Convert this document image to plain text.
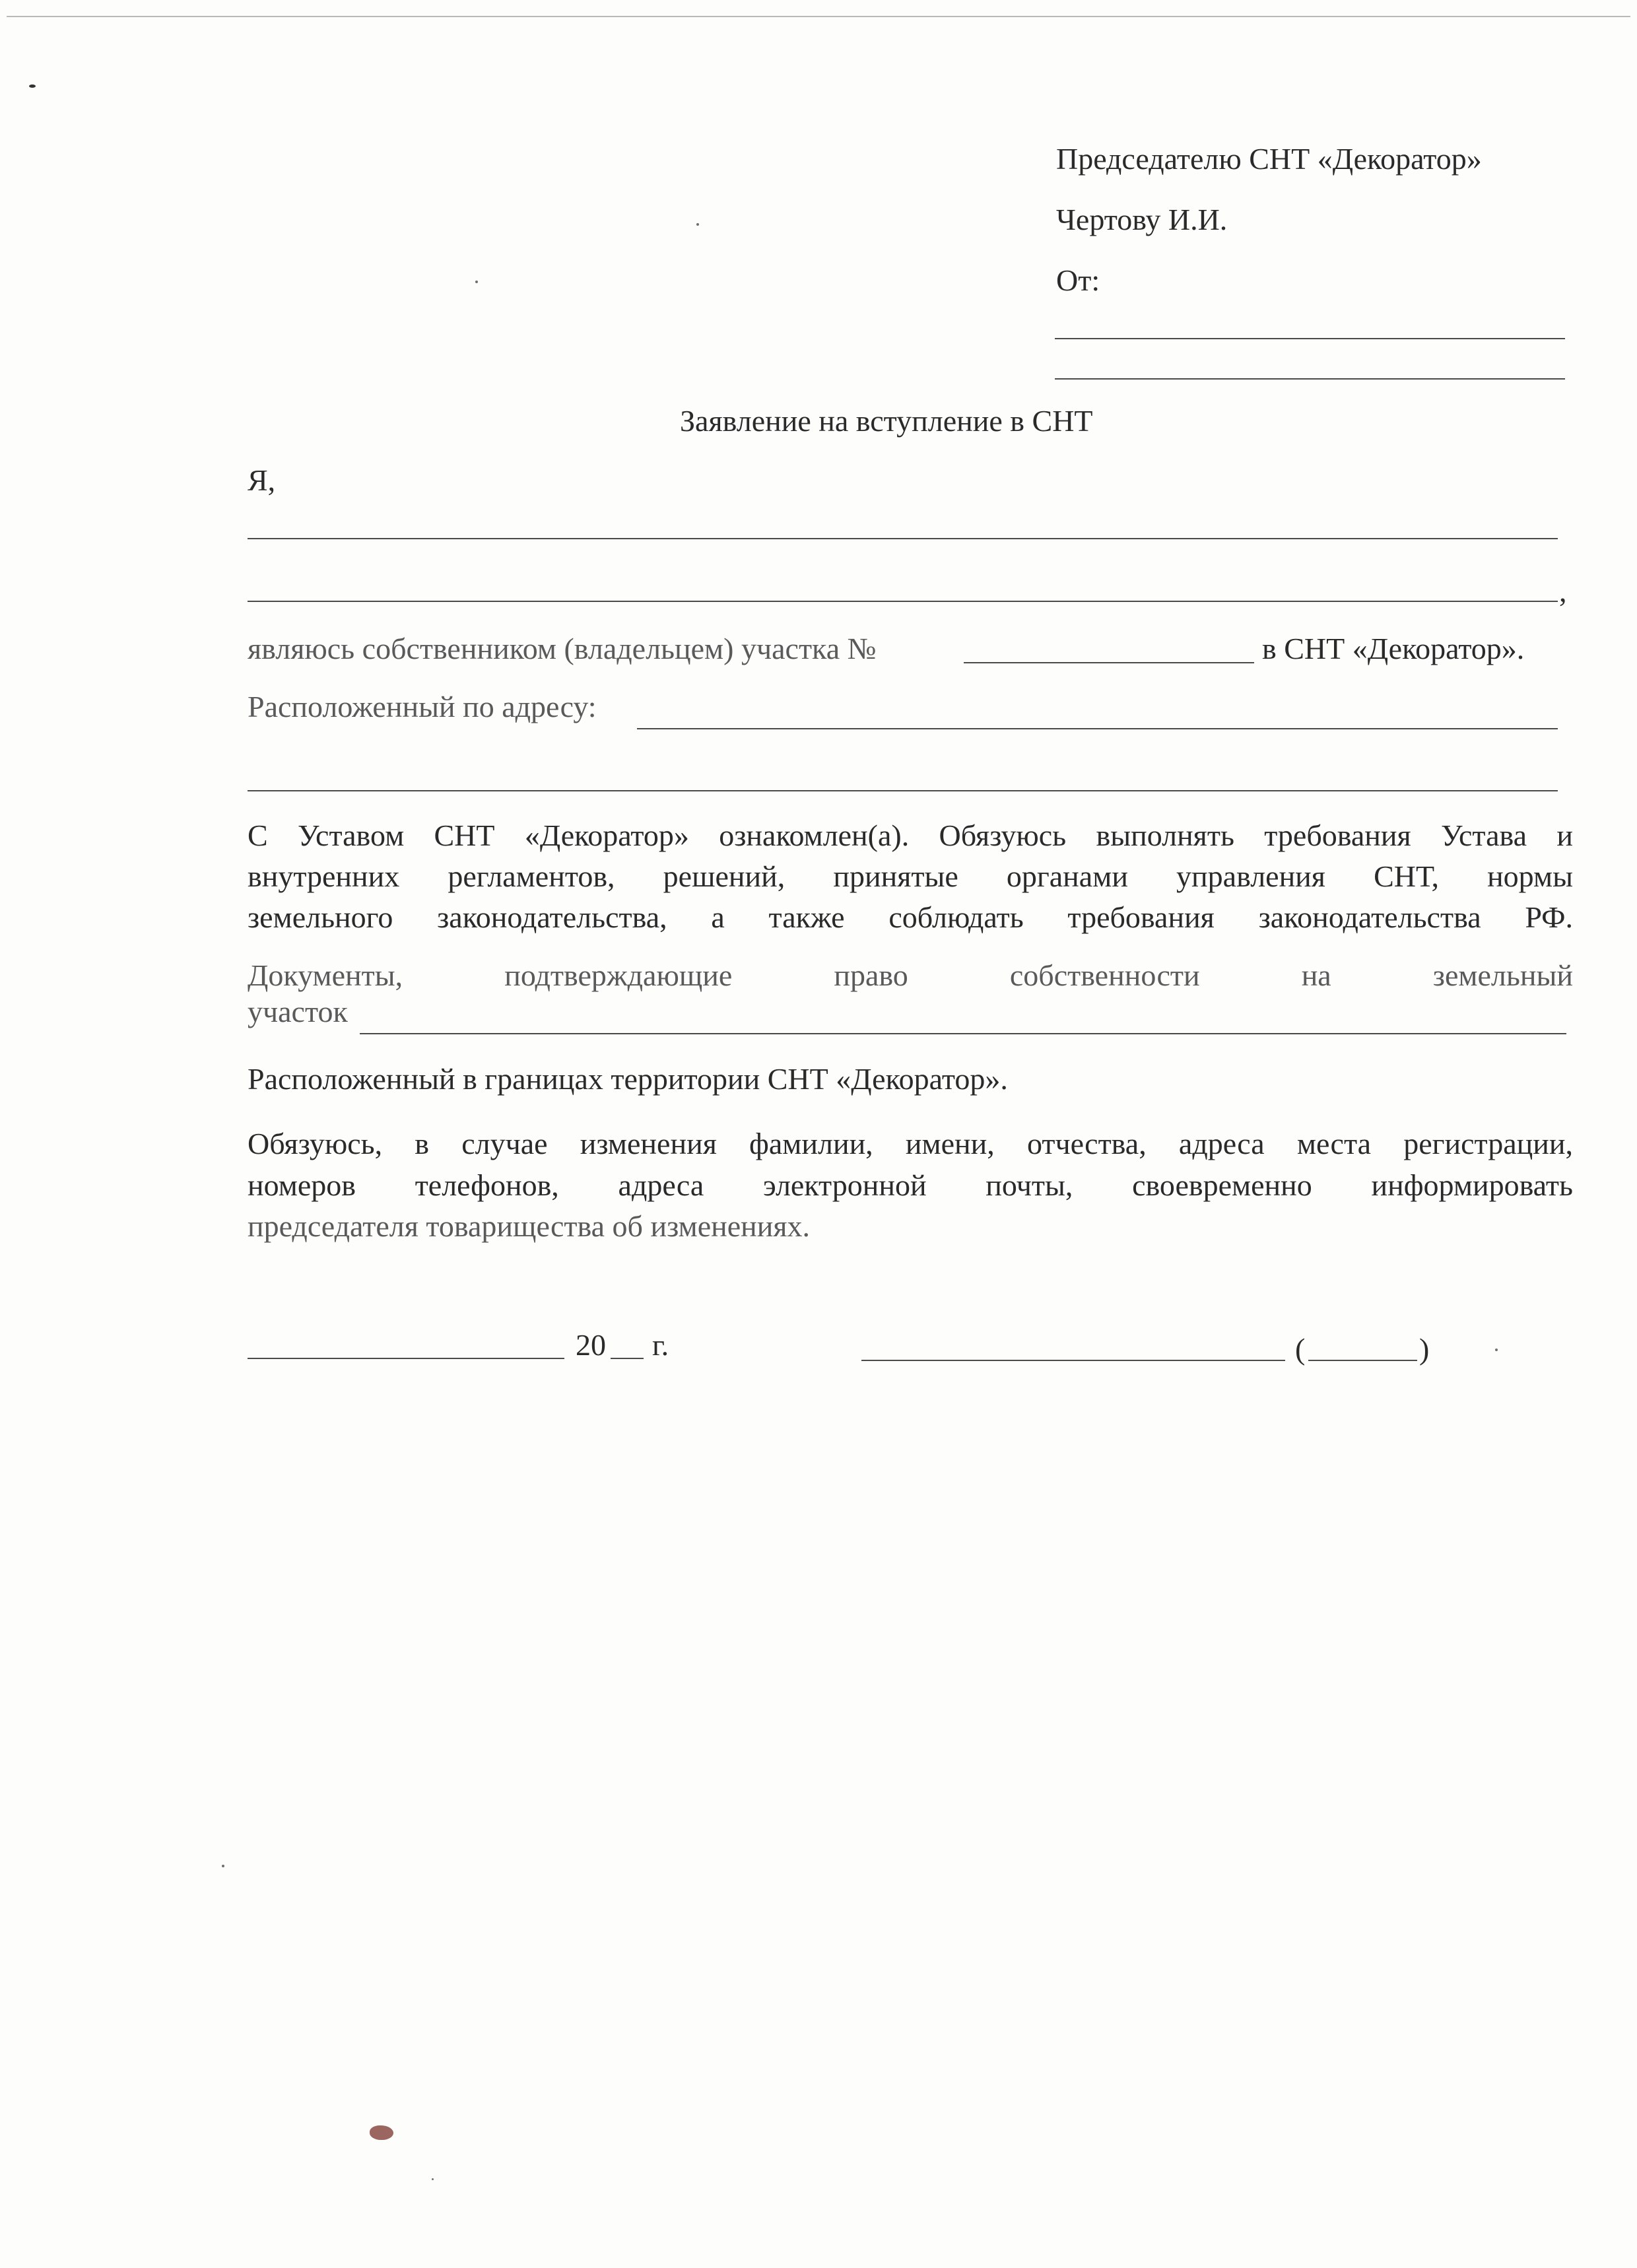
Председателю СНТ «Декоратор»
Чертову И.И.
От:
Заявление на вступление в СНТ
Я,
,
являюсь собственником (владельцем) участка №	в СНТ «Декоратор».
Расположенный по адресу:
С Уставом СНТ «Декоратор» ознакомлен(а). Обязуюсь выполнять требования Устава и
внутренних регламентов, решений, принятые органами управления СНТ, нормы
земельного законодательства, а также соблюдать требования законодательства РФ.
Документы, подтверждающие право собственности на земельный
участок
Расположенный в границах территории СНТ «Декоратор».
Обязуюсь, в случае изменения фамилии, имени, отчества, адреса места регистрации,
номеров телефонов, адреса электронной почты, своевременно информировать
председателя товарищества об изменениях.
20 г.	(	)
